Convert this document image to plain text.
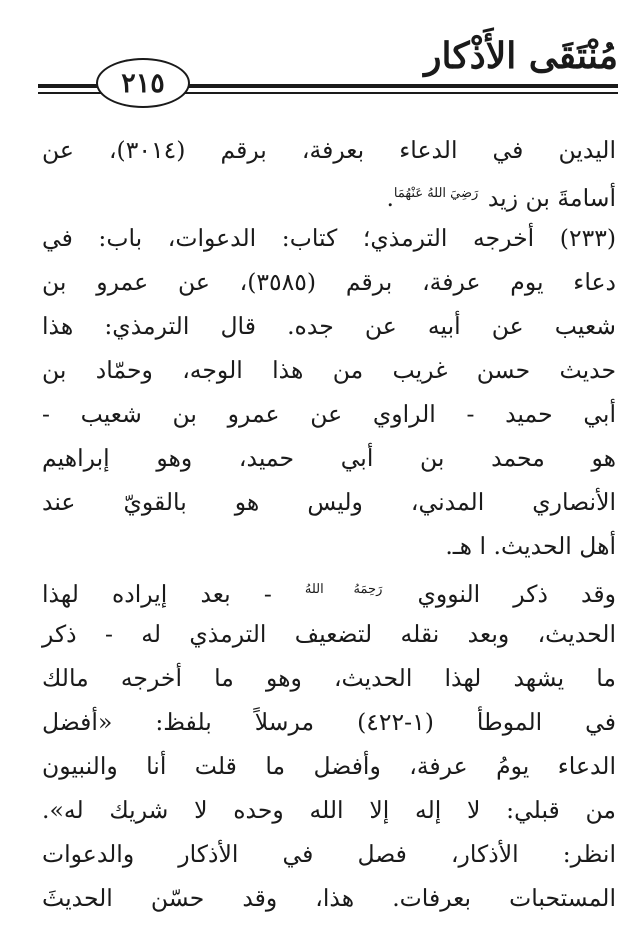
مُنْتَقَى الأَذْكار
٢١٥
اليدين في الدعاء بعرفة، برقم (٣٠١٤)، عن
أسامةَ بن زيد $^{رَضِيَ اللهُ عَنْهُمَا}$.
(٢٣٣) أخرجه الترمذي؛ كتاب: الدعوات، باب: في
دعاء يوم عرفة، برقم (٣٥٨٥)، عن عمرو بن
شعيب عن أبيه عن جده. قال الترمذي: هذا
حديث حسن غريب من هذا الوجه، وحمّاد بن
أبي حميد - الراوي عن عمرو بن شعيب -
هو محمد بن أبي حميد، وهو إبراهيم
الأنصاري المدني، وليس هو بالقويّ عند
أهل الحديث. ا هـ.
وقد ذكر النووي $^{رَحِمَهُ اللهُ}$ - بعد إيراده لهذا
الحديث، وبعد نقله لتضعيف الترمذي له - ذكر
ما يشهد لهذا الحديث، وهو ما أخرجه مالك
في الموطأ (١-٤٢٢) مرسلاً بلفظ: «أفضل
الدعاء يومُ عرفة، وأفضل ما قلت أنا والنبيون
من قبلي: لا إله إلا الله وحده لا شريك له».
انظر: الأذكار، فصل في الأذكار والدعوات
المستحبات بعرفات. هذا، وقد حسّن الحديثَ
